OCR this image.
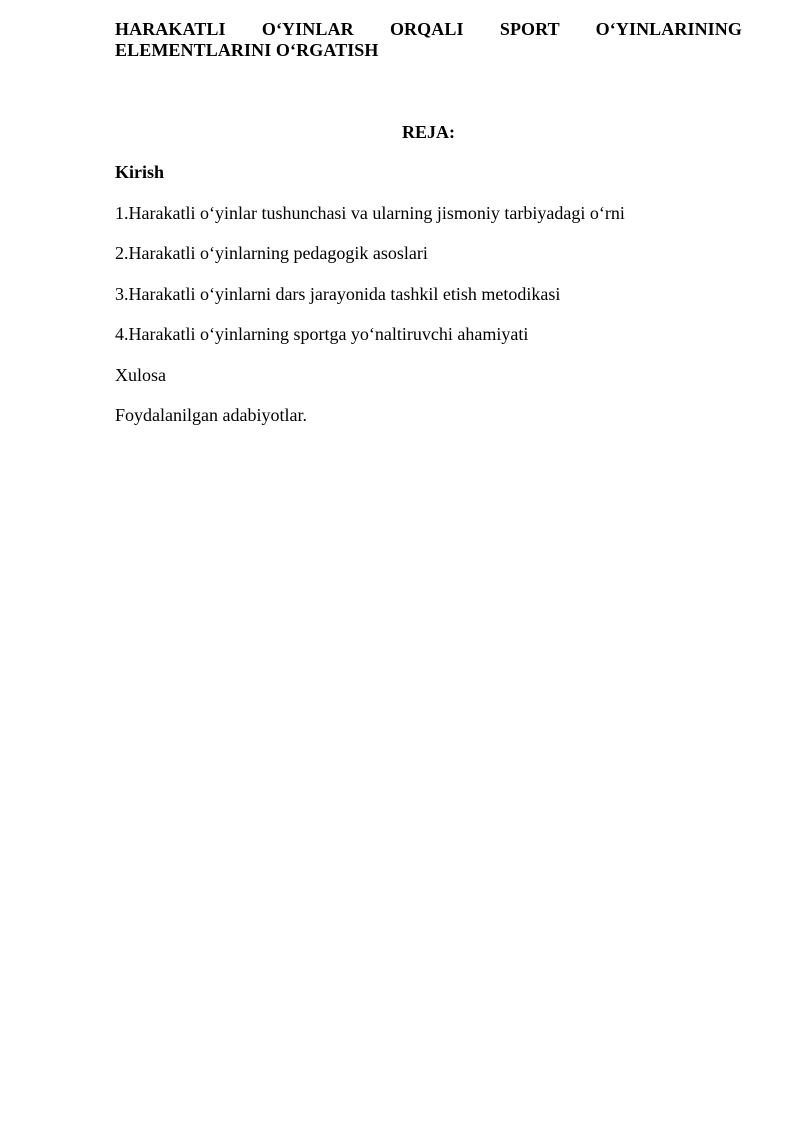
HARAKATLI O‘YINLAR ORQALI SPORT O‘YINLARINING
ELEMENTLARINI O‘RGATISH
REJA:
Kirish
1.Harakatli o‘yinlar tushunchasi va ularning jismoniy tarbiyadagi o‘rni
2.Harakatli o‘yinlarning pedagogik asoslari
3.Harakatli o‘yinlarni dars jarayonida tashkil etish metodikasi
4.Harakatli o‘yinlarning sportga yo‘naltiruvchi ahamiyati
Xulosa
Foydalanilgan adabiyotlar.
